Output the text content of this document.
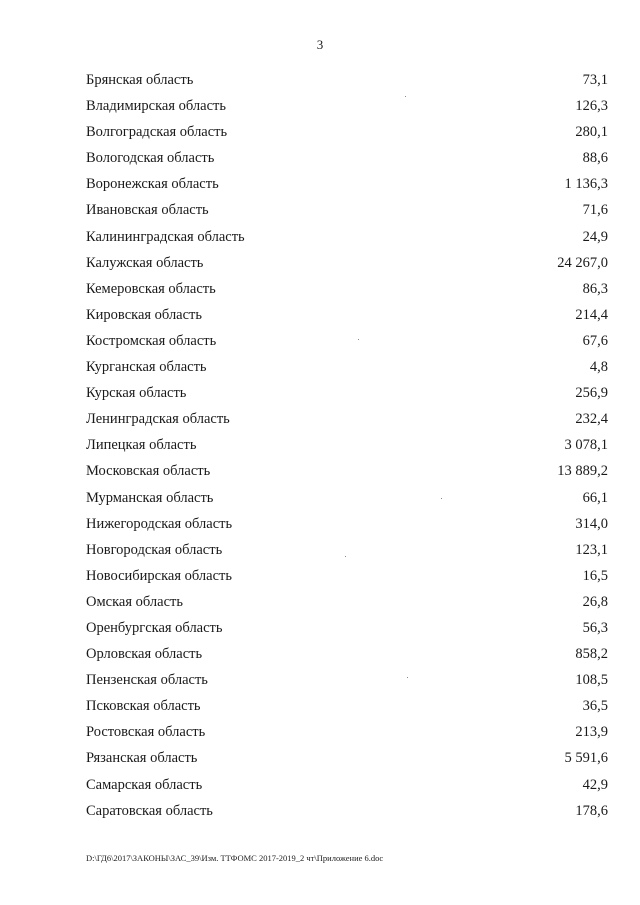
3
Брянская область	73,1
Владимирская область	126,3
Волгоградская область	280,1
Вологодская область	88,6
Воронежская область	1 136,3
Ивановская область	71,6
Калининградская область	24,9
Калужская область	24 267,0
Кемеровская область	86,3
Кировская область	214,4
Костромская область	67,6
Курганская область	4,8
Курская область	256,9
Ленинградская область	232,4
Липецкая область	3 078,1
Московская область	13 889,2
Мурманская область	66,1
Нижегородская область	314,0
Новгородская область	123,1
Новосибирская область	16,5
Омская область	26,8
Оренбургская область	56,3
Орловская область	858,2
Пензенская область	108,5
Псковская область	36,5
Ростовская область	213,9
Рязанская область	5 591,6
Самарская область	42,9
Саратовская область	178,6
D:\ГД6\2017\ЗАКОНЫ\ЗАС_39\Изм. ТТФОМС 2017-2019_2 чт\Приложение 6.doc
